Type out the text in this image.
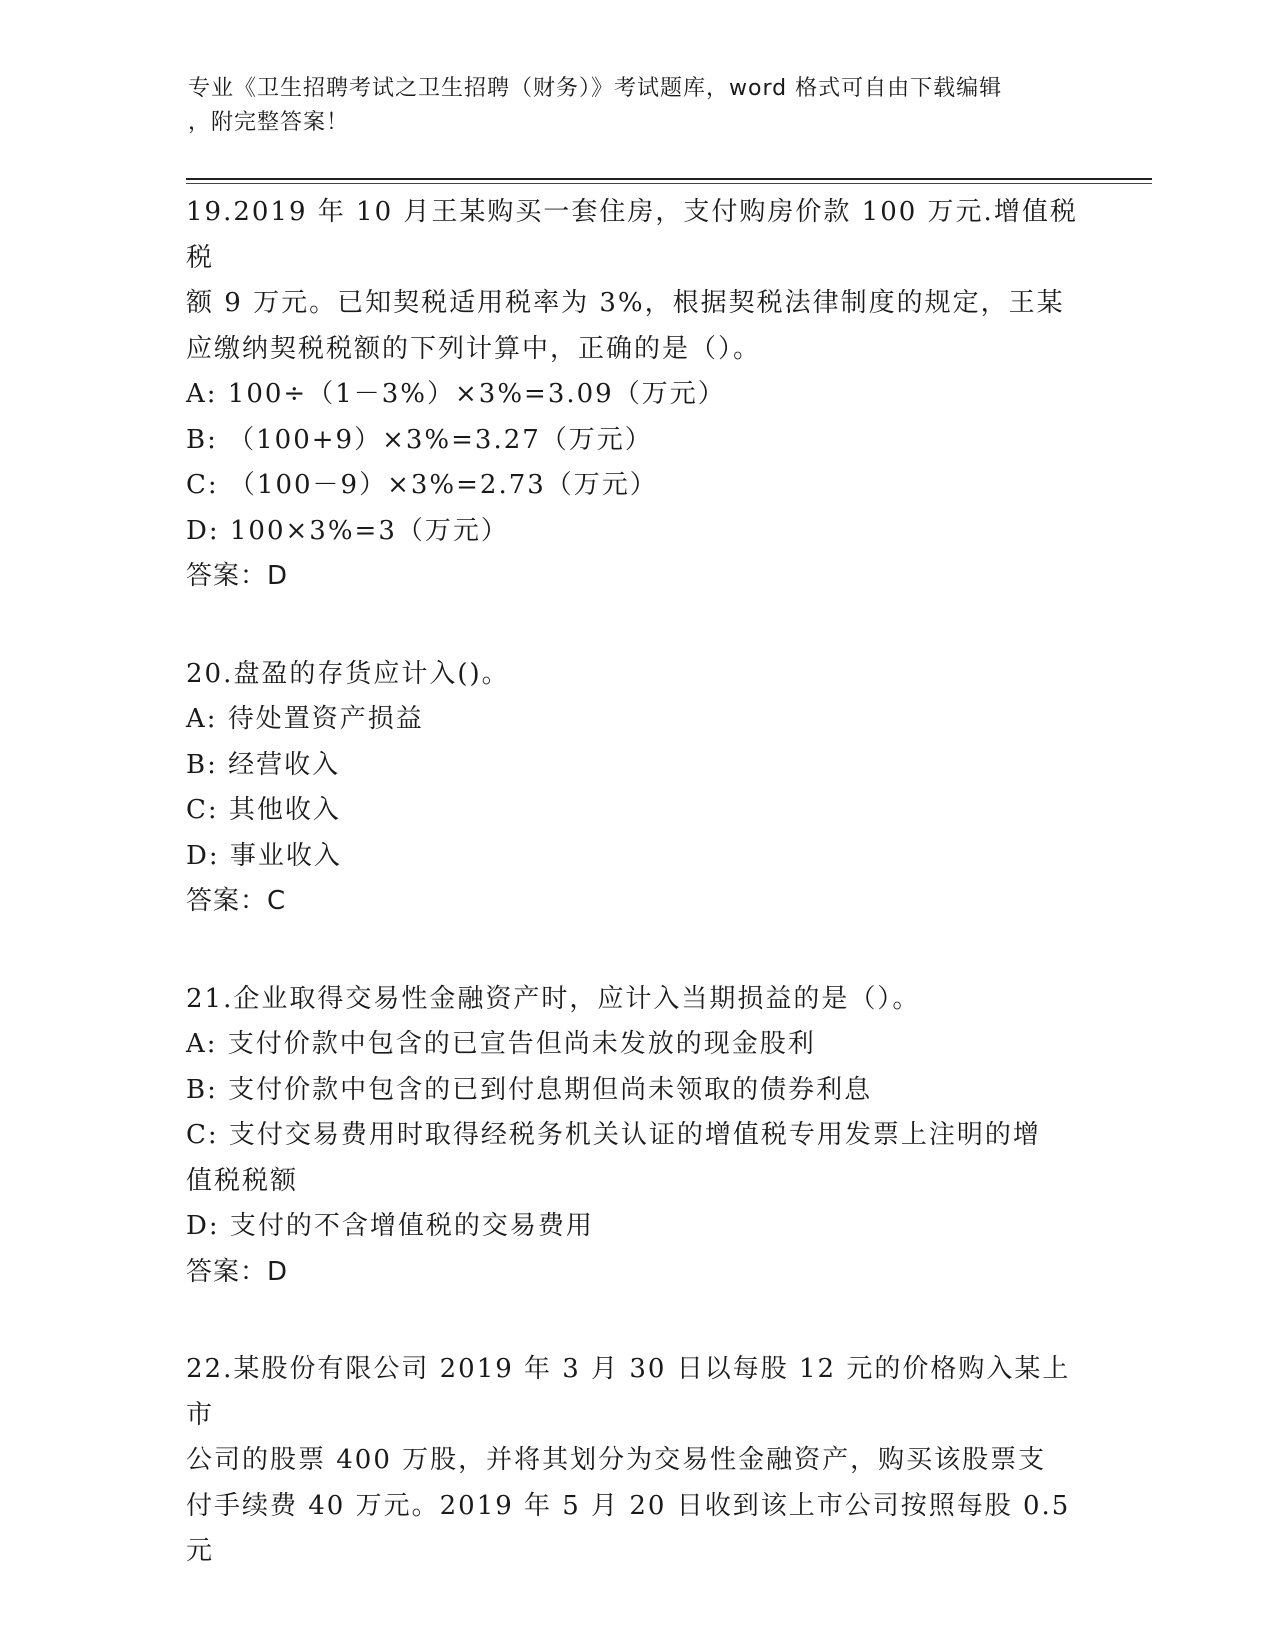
专业《卫生招聘考试之卫生招聘（财务）》考试题库，word 格式可自由下载编辑
，附完整答案！

19.2019 年 10 月王某购买一套住房，支付购房价款 100 万元.增值税税

额 9 万元。已知契税适用税率为 3%，根据契税法律制度的规定，王某

应缴纳契税税额的下列计算中，正确的是（）。

A: 100÷（1－3%）×3%=3.09（万元）

B: （100+9）×3%=3.27（万元）

C: （100－9）×3%=2.73（万元）

D: 100×3%=3（万元）

答案：D

20.盘盈的存货应计入()。

A: 待处置资产损益

B: 经营收入

C: 其他收入

D: 事业收入

答案：C

21.企业取得交易性金融资产时，应计入当期损益的是（）。

A: 支付价款中包含的已宣告但尚未发放的现金股利

B: 支付价款中包含的已到付息期但尚未领取的债券利息

C: 支付交易费用时取得经税务机关认证的增值税专用发票上注明的增

值税税额

D: 支付的不含增值税的交易费用

答案：D

22.某股份有限公司 2019 年 3 月 30 日以每股 12 元的价格购入某上市

公司的股票 400 万股，并将其划分为交易性金融资产，购买该股票支

付手续费 40 万元。2019 年 5 月 20 日收到该上市公司按照每股 0.5 元
